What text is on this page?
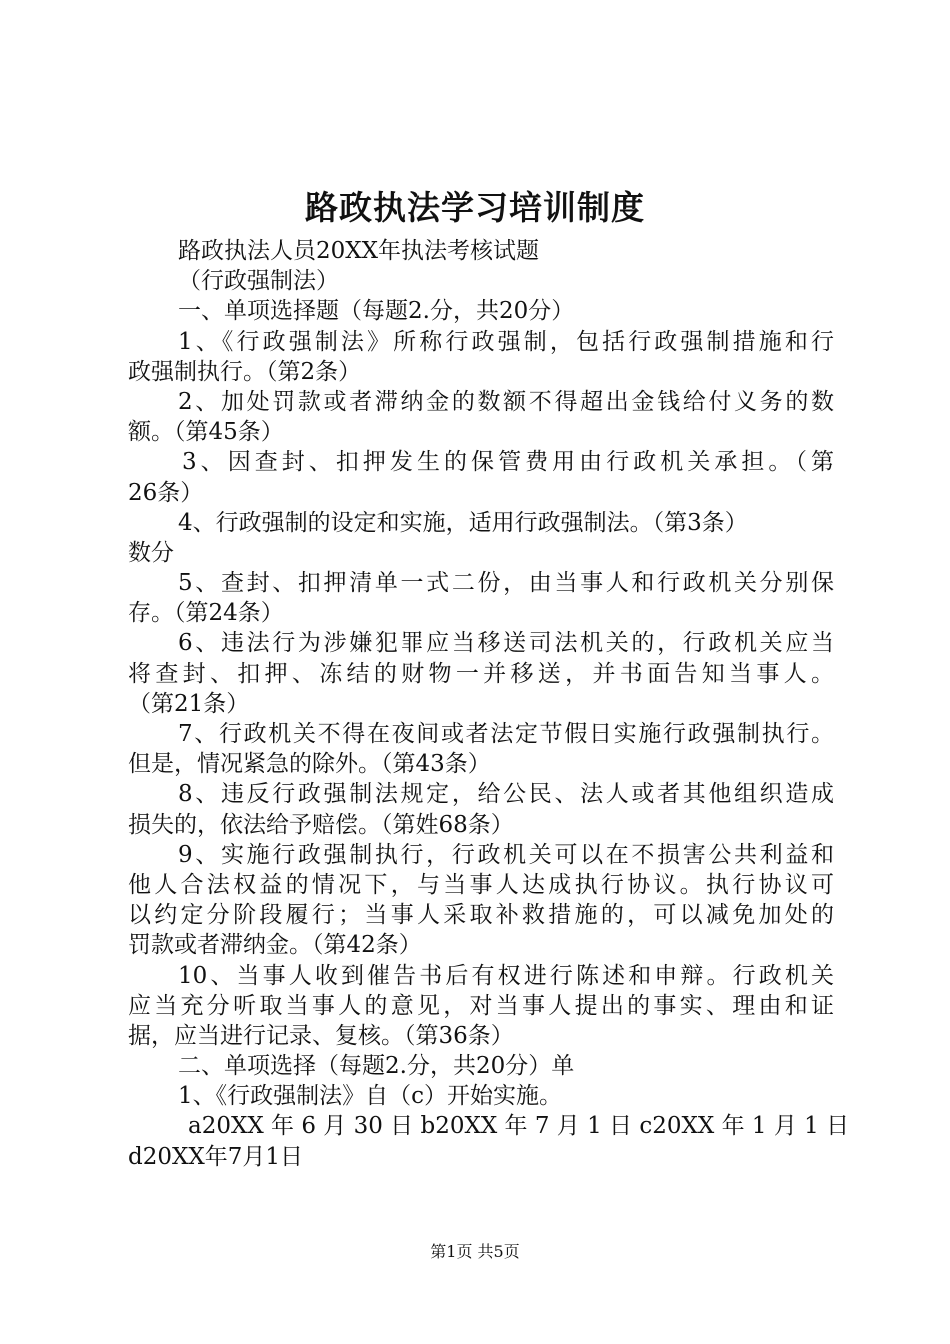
路政执法学习培训制度
路政执法人员20XX年执法考核试题
（行政强制法）
一、单项选择题（每题2.分，共20分）
1、《行政强制法》所称行政强制，包括行政强制措施和行
政强制执行。（第2条）
2、加处罚款或者滞纳金的数额不得超出金钱给付义务的数
额。（第45条）
3、因查封、扣押发生的保管费用由行政机关承担。（第
26条）
4、行政强制的设定和实施，适用行政强制法。（第3条）
数分
5、查封、扣押清单一式二份，由当事人和行政机关分别保
存。（第24条）
6、违法行为涉嫌犯罪应当移送司法机关的，行政机关应当
将查封、扣押、冻结的财物一并移送，并书面告知当事人。
（第21条）
7、行政机关不得在夜间或者法定节假日实施行政强制执行。
但是，情况紧急的除外。（第43条）
8、违反行政强制法规定，给公民、法人或者其他组织造成
损失的，依法给予赔偿。（第姓68条）
9、实施行政强制执行，行政机关可以在不损害公共利益和
他人合法权益的情况下，与当事人达成执行协议。执行协议可
以约定分阶段履行；当事人采取补救措施的，可以减免加处的
罚款或者滞纳金。（第42条）
10、当事人收到催告书后有权进行陈述和申辩。行政机关
应当充分听取当事人的意见，对当事人提出的事实、理由和证
据，应当进行记录、复核。（第36条）
二、单项选择（每题2.分，共20分）单
1、《行政强制法》自（c）开始实施。
a20XX 年 6 月 30 日 b20XX 年 7 月 1 日 c20XX 年 1 月 1 日
d20XX年7月1日
第1页 共5页
